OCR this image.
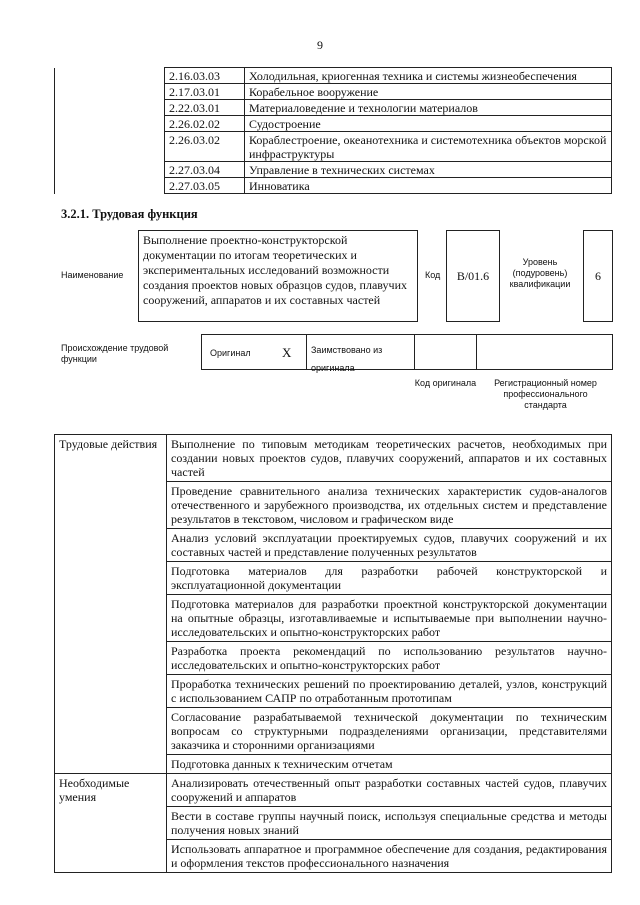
9
	2.16.03.03	Холодильная, криогенная техника и системы жизнеобеспечения
	2.17.03.01	Корабельное вооружение
	2.22.03.01	Материаловедение и технологии материалов
	2.26.02.02	Судостроение
	2.26.03.02	Кораблестроение, океанотехника и системотехника объектов морской инфраструктуры
	2.27.03.04	Управление в технических системах
	2.27.03.05	Инноватика
3.2.1. Трудовая функция
Наименование
Выполнение проектно-конструкторской документации по итогам теоретических и экспериментальных исследований возможности создания проектов новых образцов судов, плавучих сооружений, аппаратов и их составных частей
Код	B/01.6
Уровень (подуровень) квалификации
6
Происхождение трудовой функции
Оригинал X	Заимствовано из оригинала
Код оригинала	Регистрационный номер профессионального стандарта
Трудовые действия	Выполнение по типовым методикам теоретических расчетов, необходимых при создании новых проектов судов, плавучих сооружений, аппаратов и их составных частей
	Проведение сравнительного анализа технических характеристик судов-аналогов отечественного и зарубежного производства, их отдельных систем и представление результатов в текстовом, числовом и графическом виде
	Анализ условий эксплуатации проектируемых судов, плавучих сооружений и их составных частей и представление полученных результатов
	Подготовка материалов для разработки рабочей конструкторской и эксплуатационной документации
	Подготовка материалов для разработки проектной конструкторской документации на опытные образцы, изготавливаемые и испытываемые при выполнении научно-исследовательских и опытно-конструкторских работ
	Разработка проекта рекомендаций по использованию результатов научно-исследовательских и опытно-конструкторских работ
	Проработка технических решений по проектированию деталей, узлов, конструкций с использованием САПР по отработанным прототипам
	Согласование разрабатываемой технической документации по техническим вопросам со структурными подразделениями организации, представителями заказчика и сторонними организациями
	Подготовка данных к техническим отчетам
Необходимые умения	Анализировать отечественный опыт разработки составных частей судов, плавучих сооружений и аппаратов
	Вести в составе группы научный поиск, используя специальные средства и методы получения новых знаний
	Использовать аппаратное и программное обеспечение для создания, редактирования и оформления текстов профессионального назначения
